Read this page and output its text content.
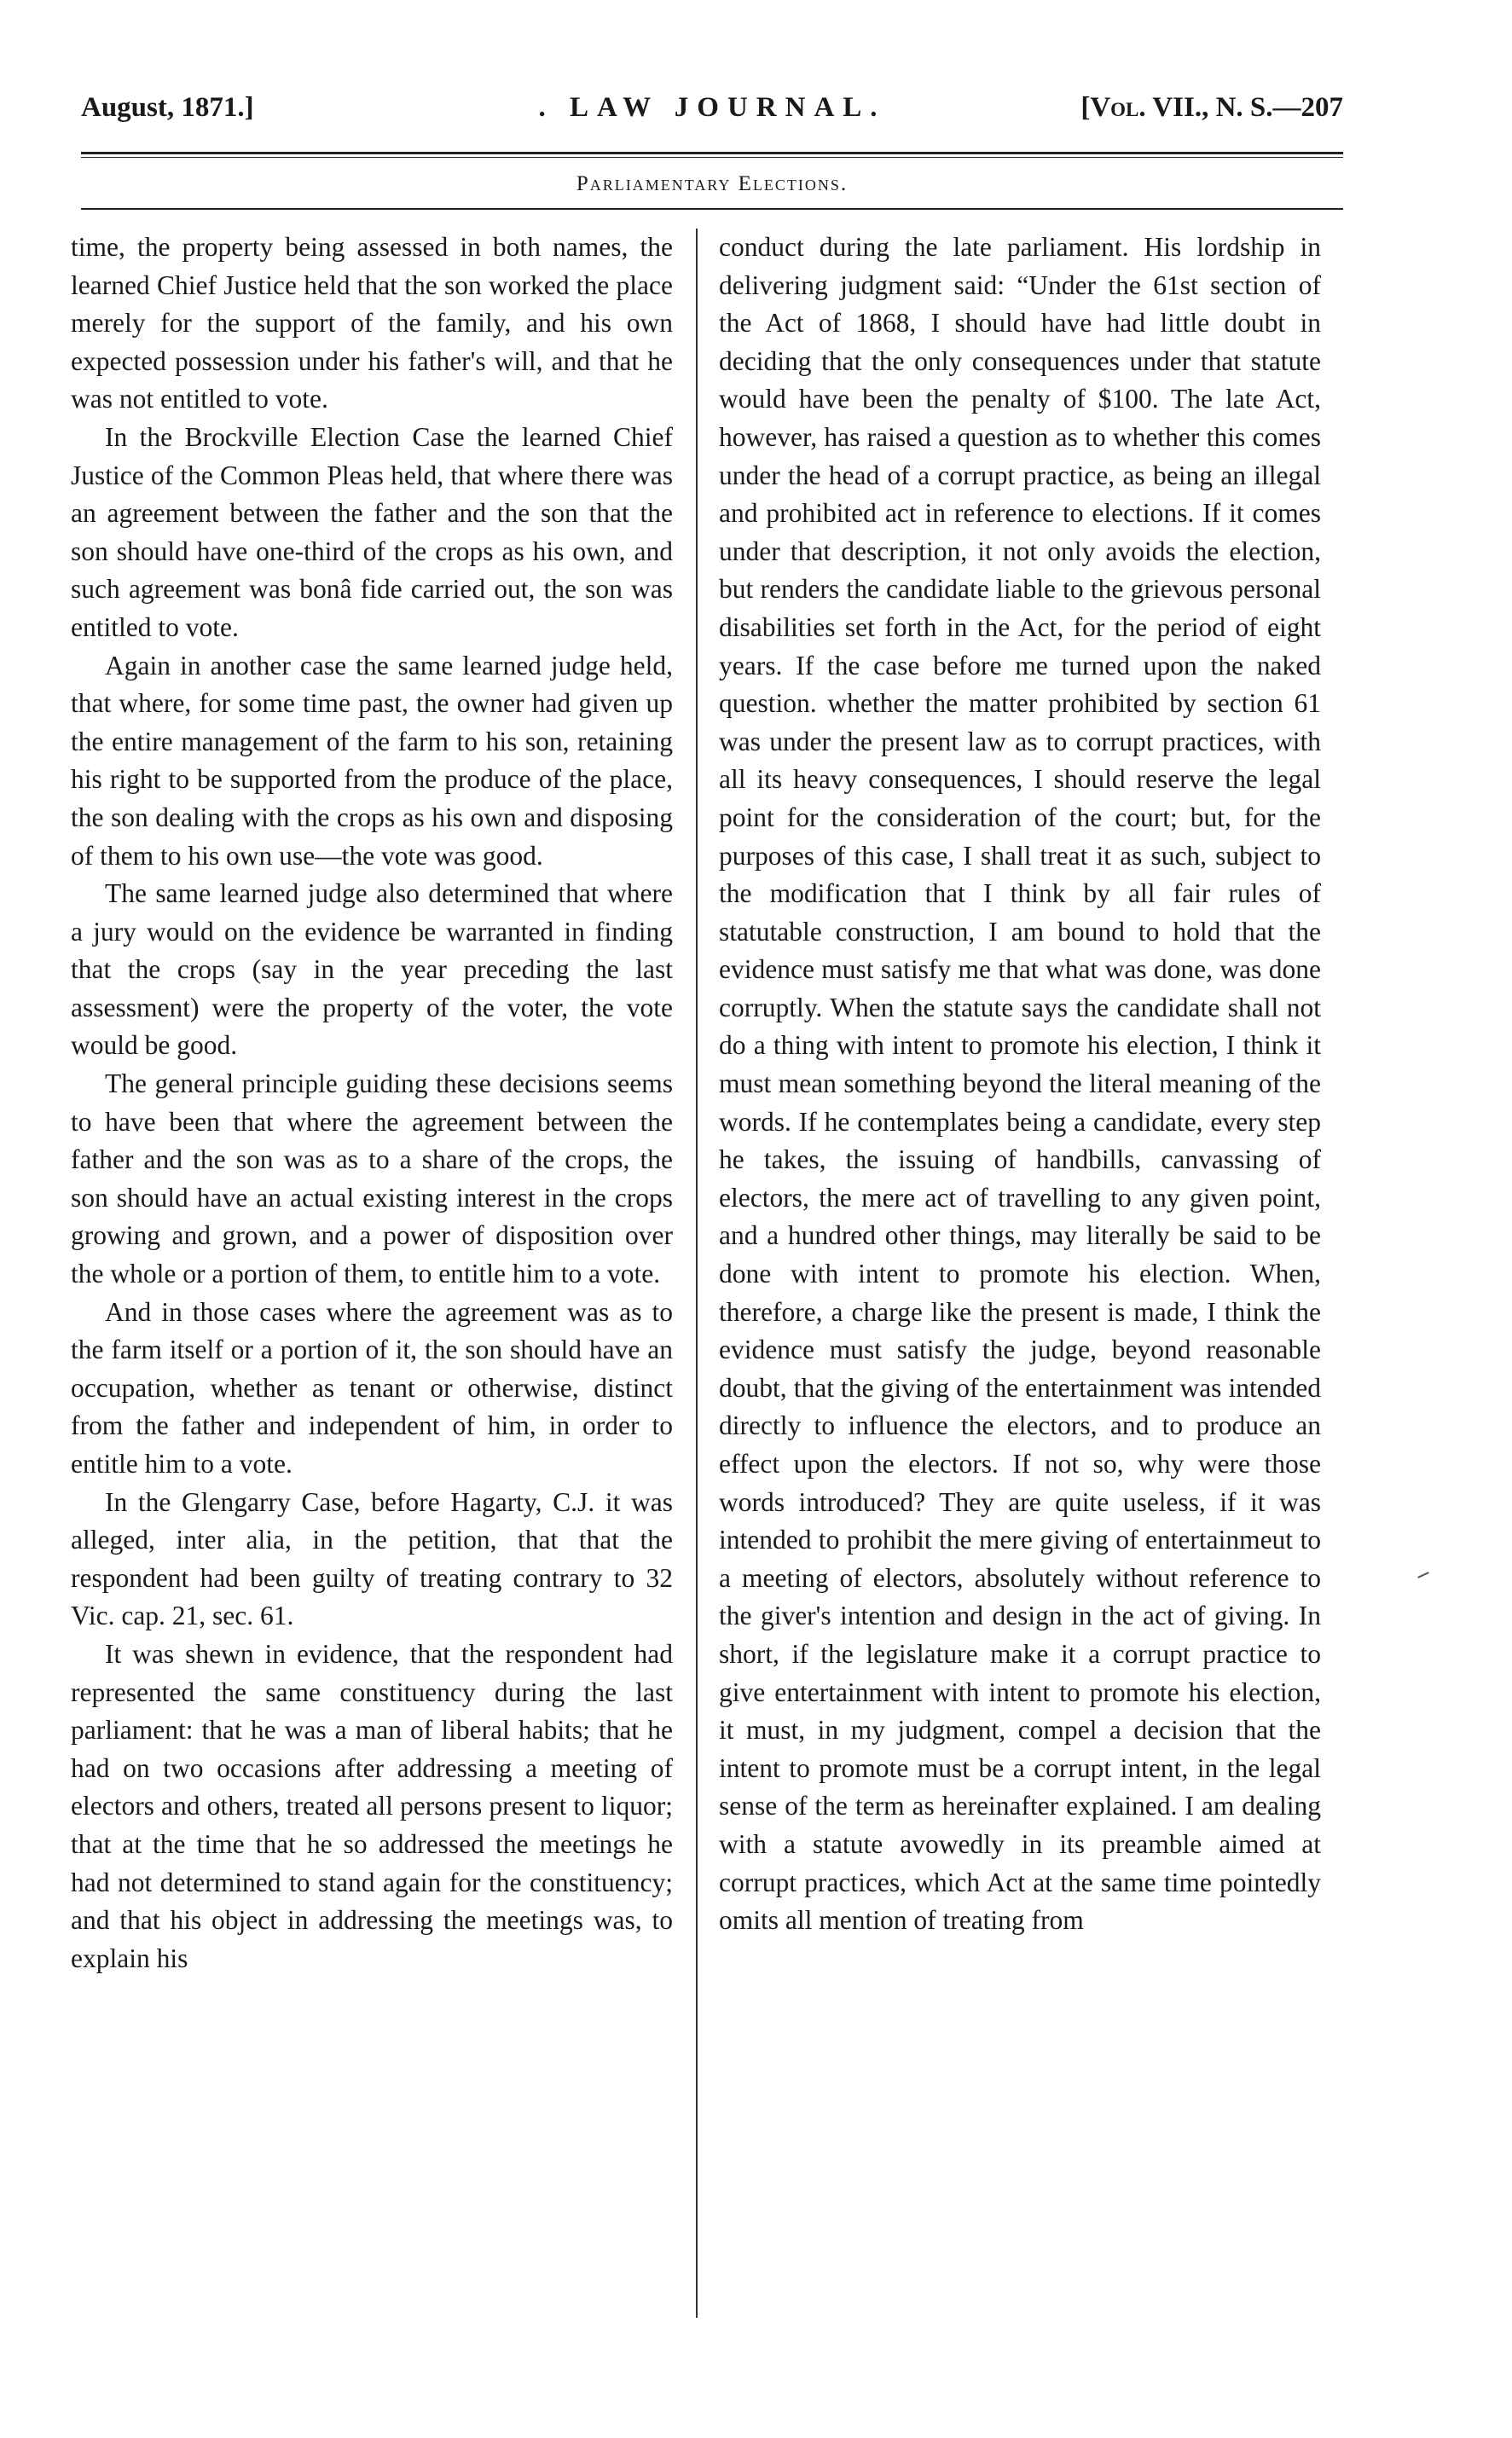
August, 1871.]	. LAW JOURNAL.	[Vol. VII., N. S.—207
Parliamentary Elections.

time, the property being assessed in both names, the learned Chief Justice held that the son worked the place merely for the support of the family, and his own expected possession under his father's will, and that he was not entitled to vote.

In the Brockville Election Case the learned Chief Justice of the Common Pleas held, that where there was an agreement between the father and the son that the son should have one-third of the crops as his own, and such agreement was bonâ fide carried out, the son was entitled to vote.

Again in another case the same learned judge held, that where, for some time past, the owner had given up the entire management of the farm to his son, retaining his right to be supported from the produce of the place, the son dealing with the crops as his own and disposing of them to his own use—the vote was good.

The same learned judge also determined that where a jury would on the evidence be warranted in finding that the crops (say in the year preceding the last assessment) were the property of the voter, the vote would be good.

The general principle guiding these decisions seems to have been that where the agreement between the father and the son was as to a share of the crops, the son should have an actual existing interest in the crops growing and grown, and a power of disposition over the whole or a portion of them, to entitle him to a vote.

And in those cases where the agreement was as to the farm itself or a portion of it, the son should have an occupation, whether as tenant or otherwise, distinct from the father and independent of him, in order to entitle him to a vote.

In the Glengarry Case, before Hagarty, C.J. it was alleged, inter alia, in the petition, that that the respondent had been guilty of treating contrary to 32 Vic. cap. 21, sec. 61.

It was shewn in evidence, that the respondent had represented the same constituency during the last parliament: that he was a man of liberal habits; that he had on two occasions after addressing a meeting of electors and others, treated all persons present to liquor; that at the time that he so addressed the meetings he had not determined to stand again for the constituency; and that his object in addressing the meetings was, to explain his

conduct during the late parliament. His lordship in delivering judgment said: “Under the 61st section of the Act of 1868, I should have had little doubt in deciding that the only consequences under that statute would have been the penalty of $100. The late Act, however, has raised a question as to whether this comes under the head of a corrupt practice, as being an illegal and prohibited act in reference to elections. If it comes under that description, it not only avoids the election, but renders the candidate liable to the grievous personal disabilities set forth in the Act, for the period of eight years. If the case before me turned upon the naked question. whether the matter prohibited by section 61 was under the present law as to corrupt practices, with all its heavy consequences, I should reserve the legal point for the consideration of the court; but, for the purposes of this case, I shall treat it as such, subject to the modification that I think by all fair rules of statutable construction, I am bound to hold that the evidence must satisfy me that what was done, was done corruptly. When the statute says the candidate shall not do a thing with intent to promote his election, I think it must mean something beyond the literal meaning of the words. If he contemplates being a candidate, every step he takes, the issuing of handbills, canvassing of electors, the mere act of travelling to any given point, and a hundred other things, may literally be said to be done with intent to promote his election. When, therefore, a charge like the present is made, I think the evidence must satisfy the judge, beyond reasonable doubt, that the giving of the entertainment was intended directly to influence the electors, and to produce an effect upon the electors. If not so, why were those words introduced? They are quite useless, if it was intended to prohibit the mere giving of entertainmeut to a meeting of electors, absolutely without reference to the giver's intention and design in the act of giving. In short, if the legislature make it a corrupt practice to give entertainment with intent to promote his election, it must, in my judgment, compel a decision that the intent to promote must be a corrupt intent, in the legal sense of the term as hereinafter explained. I am dealing with a statute avowedly in its preamble aimed at corrupt practices, which Act at the same time pointedly omits all mention of treating from
